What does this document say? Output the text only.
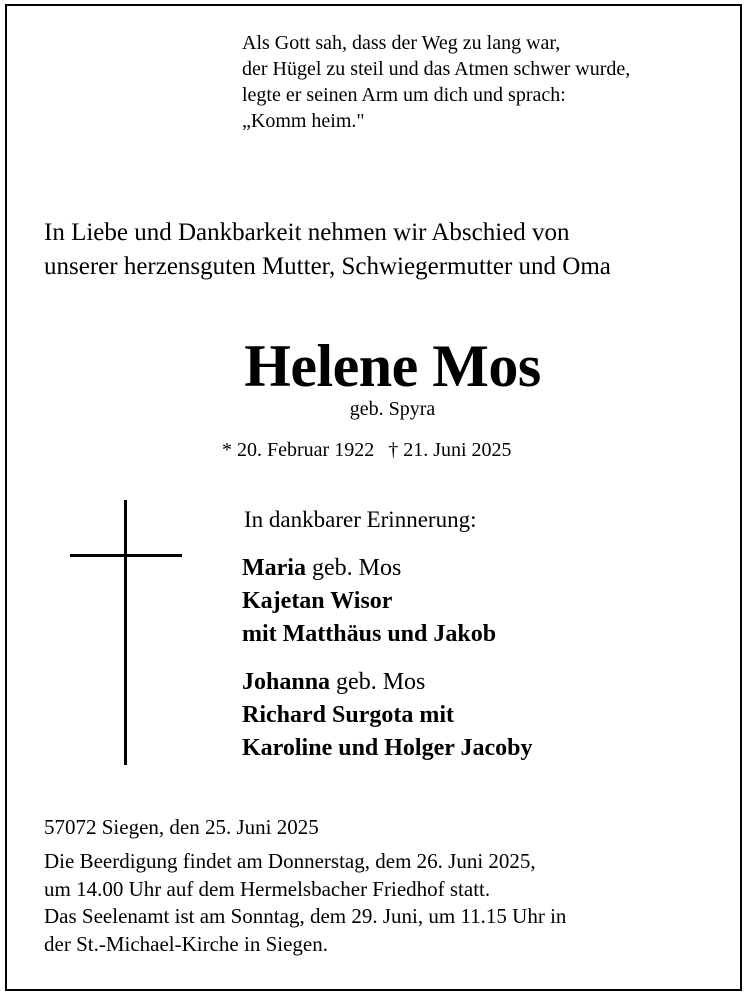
Als Gott sah, dass der Weg zu lang war,
der Hügel zu steil und das Atmen schwer wurde,
legte er seinen Arm um dich und sprach:
„Komm heim."
In Liebe und Dankbarkeit nehmen wir Abschied von
unserer herzensguten Mutter, Schwiegermutter und Oma
Helene Mos
geb. Spyra
* 20. Februar 1922 † 21. Juni 2025
In dankbarer Erinnerung:
Maria geb. Mos
Kajetan Wisor
mit Matthäus und Jakob
Johanna geb. Mos
Richard Surgota mit
Karoline und Holger Jacoby
57072 Siegen, den 25. Juni 2025
Die Beerdigung findet am Donnerstag, dem 26. Juni 2025,
um 14.00 Uhr auf dem Hermelsbacher Friedhof statt.
Das Seelenamt ist am Sonntag, dem 29. Juni, um 11.15 Uhr in
der St.-Michael-Kirche in Siegen.
